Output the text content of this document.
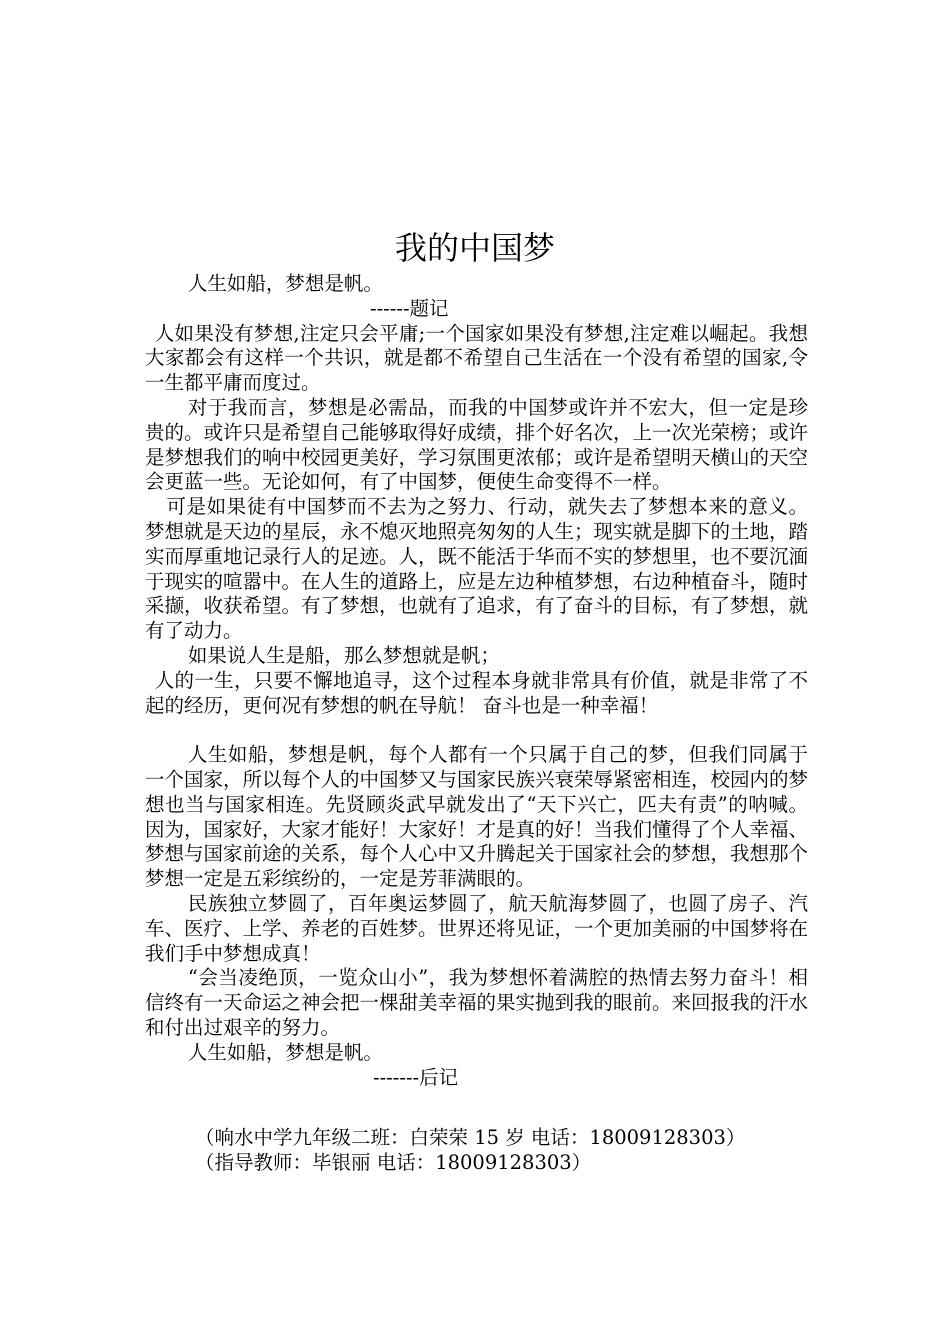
我的中国梦

人生如船，梦想是帆。

------题记

人如果没有梦想,注定只会平庸;一个国家如果没有梦想,注定难以崛起。我想大家都会有这样一个共识，就是都不希望自己生活在一个没有希望的国家,令一生都平庸而度过。

对于我而言，梦想是必需品，而我的中国梦或许并不宏大，但一定是珍贵的。或许只是希望自己能够取得好成绩，排个好名次，上一次光荣榜；或许是梦想我们的响中校园更美好，学习氛围更浓郁；或许是希望明天横山的天空会更蓝一些。无论如何，有了中国梦，便使生命变得不一样。

可是如果徒有中国梦而不去为之努力、行动，就失去了梦想本来的意义。梦想就是天边的星辰，永不熄灭地照亮匆匆的人生；现实就是脚下的土地，踏实而厚重地记录行人的足迹。人，既不能活于华而不实的梦想里，也不要沉湎于现实的喧嚣中。在人生的道路上，应是左边种植梦想，右边种植奋斗，随时采撷，收获希望。有了梦想，也就有了追求，有了奋斗的目标，有了梦想，就有了动力。

如果说人生是船，那么梦想就是帆；

人的一生，只要不懈地追寻，这个过程本身就非常具有价值，就是非常了不起的经历，更何况有梦想的帆在导航！ 奋斗也是一种幸福！

人生如船，梦想是帆，每个人都有一个只属于自己的梦，但我们同属于一个国家，所以每个人的中国梦又与国家民族兴衰荣辱紧密相连，校园内的梦想也当与国家相连。先贤顾炎武早就发出了“天下兴亡，匹夫有责”的呐喊。因为，国家好，大家才能好！大家好！才是真的好！当我们懂得了个人幸福、梦想与国家前途的关系，每个人心中又升腾起关于国家社会的梦想，我想那个梦想一定是五彩缤纷的，一定是芳菲满眼的。

民族独立梦圆了，百年奥运梦圆了，航天航海梦圆了，也圆了房子、汽车、医疗、上学、养老的百姓梦。世界还将见证，一个更加美丽的中国梦将在我们手中梦想成真！

“会当凌绝顶，一览众山小”，我为梦想怀着满腔的热情去努力奋斗！相信终有一天命运之神会把一棵甜美幸福的果实抛到我的眼前。来回报我的汗水和付出过艰辛的努力。

人生如船，梦想是帆。

-------后记

（响水中学九年级二班：白荣荣 15 岁 电话：18009128303）

（指导教师：毕银丽 电话：18009128303）
